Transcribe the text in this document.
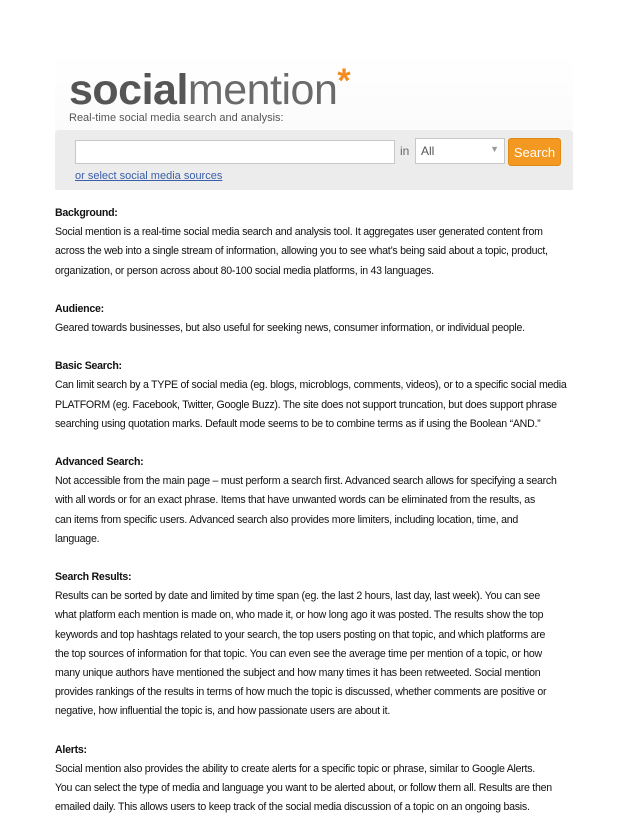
socialmention*
Real-time social media search and analysis:
in All	▼	Search
or select social media sources
Background:
Social mention is a real-time social media search and analysis tool. It aggregates user generated content from
across the web into a single stream of information, allowing you to see what’s being said about a topic, product,
organization, or person across about 80-100 social media platforms, in 43 languages.
Audience:
Geared towards businesses, but also useful for seeking news, consumer information, or individual people.
Basic Search:
Can limit search by a TYPE of social media (eg. blogs, microblogs, comments, videos), or to a specific social media
PLATFORM (eg. Facebook, Twitter, Google Buzz). The site does not support truncation, but does support phrase
searching using quotation marks. Default mode seems to be to combine terms as if using the Boolean “AND.”
Advanced Search:
Not accessible from the main page – must perform a search first. Advanced search allows for specifying a search
with all words or for an exact phrase. Items that have unwanted words can be eliminated from the results, as
can items from specific users. Advanced search also provides more limiters, including location, time, and
language.
Search Results:
Results can be sorted by date and limited by time span (eg. the last 2 hours, last day, last week). You can see
what platform each mention is made on, who made it, or how long ago it was posted. The results show the top
keywords and top hashtags related to your search, the top users posting on that topic, and which platforms are
the top sources of information for that topic. You can even see the average time per mention of a topic, or how
many unique authors have mentioned the subject and how many times it has been retweeted. Social mention
provides rankings of the results in terms of how much the topic is discussed, whether comments are positive or
negative, how influential the topic is, and how passionate users are about it.
Alerts:
Social mention also provides the ability to create alerts for a specific topic or phrase, similar to Google Alerts.
You can select the type of media and language you want to be alerted about, or follow them all. Results are then
emailed daily. This allows users to keep track of the social media discussion of a topic on an ongoing basis.
